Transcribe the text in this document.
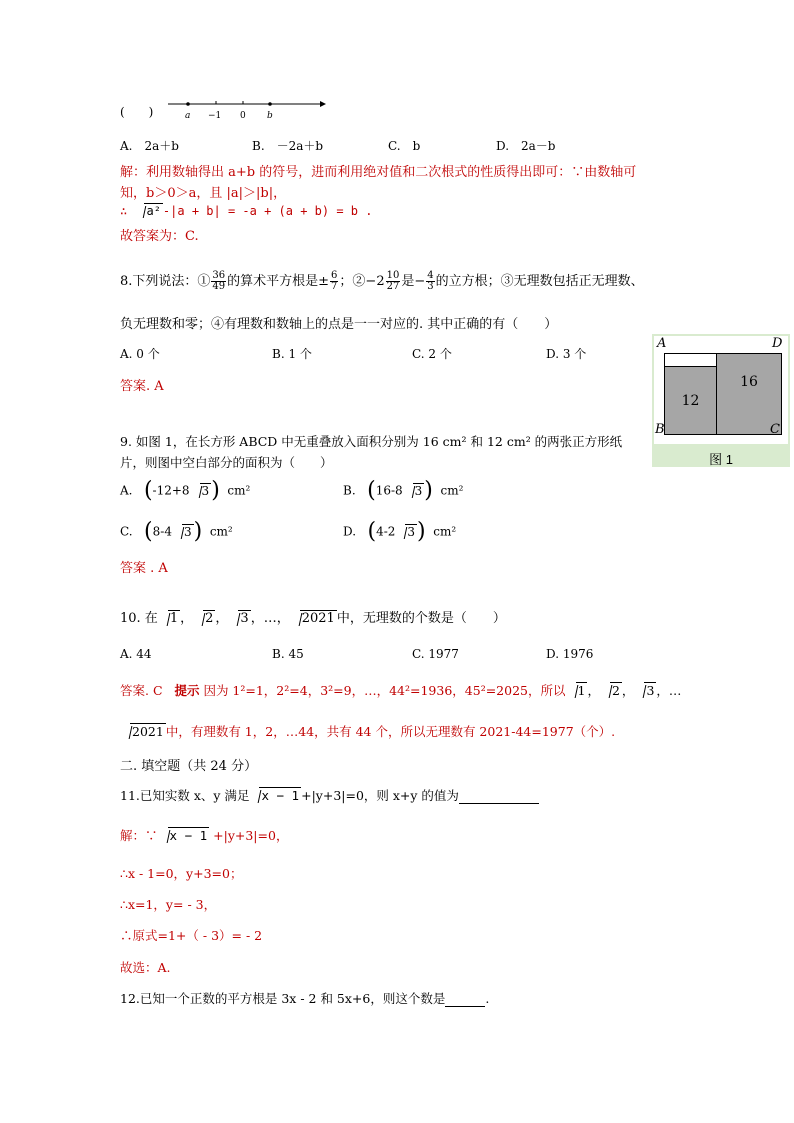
(　　)	a −1 0 b
A.　2a＋b	B.　－2a＋b	C.　b	D.　2a－b
解：利用数轴得出 a+b 的符号，进而利用绝对值和二次根式的性质得出即可：∵由数轴可
知，b＞0＞a，且 |a|＞|b|，
∴ a² -|a + b| = -a + (a + b) = b .
故答案为：C.
8.下列说法：① $\frac{36}{49}$ 的算术平方根是± $\frac{6}{7}$ ；②−2 $\frac{10}{27}$ 是− $\frac{4}{3}$ 的立方根；③无理数包括正无理数、
负无理数和零；④有理数和数轴上的点是一一对应的. 其中正确的有（　　）
A. 0 个	B. 1 个	C. 2 个	D. 3 个
答案. A
12
16
A	D
B	C
图 1
9. 如图 1，在长方形 ABCD 中无重叠放入面积分别为 16 cm² 和 12 cm² 的两张正方形纸
片，则图中空白部分的面积为（　　）
A. (-12+8 3) cm²	B. (16-8 3) cm²
C. (8-4 3) cm²	D. (4-2 3) cm²
答案 . A
10. 在 1 ， 2 ， 3 ，…， 2021 中，无理数的个数是（　　）
A. 44	B. 45	C. 1977	D. 1976
答案. C 提示 因为 1²=1，2²=4，3²=9，…，44²=1936，45²=2025，所以 1 ， 2 ， 3 ，…
2021 中，有理数有 1，2，…44，共有 44 个，所以无理数有 2021-44=1977（个）.
二. 填空题（共 24 分）
11.已知实数 x、y 满足 x − 1 +|y+3|=0，则 x+y 的值为
解：∵ x − 1 +|y+3|=0，
∴x - 1=0，y+3=0；
∴x=1，y= - 3，
∴原式=1+（ - 3）= - 2
故选：A.
12.已知一个正数的平方根是 3x - 2 和 5x+6，则这个数是	.
